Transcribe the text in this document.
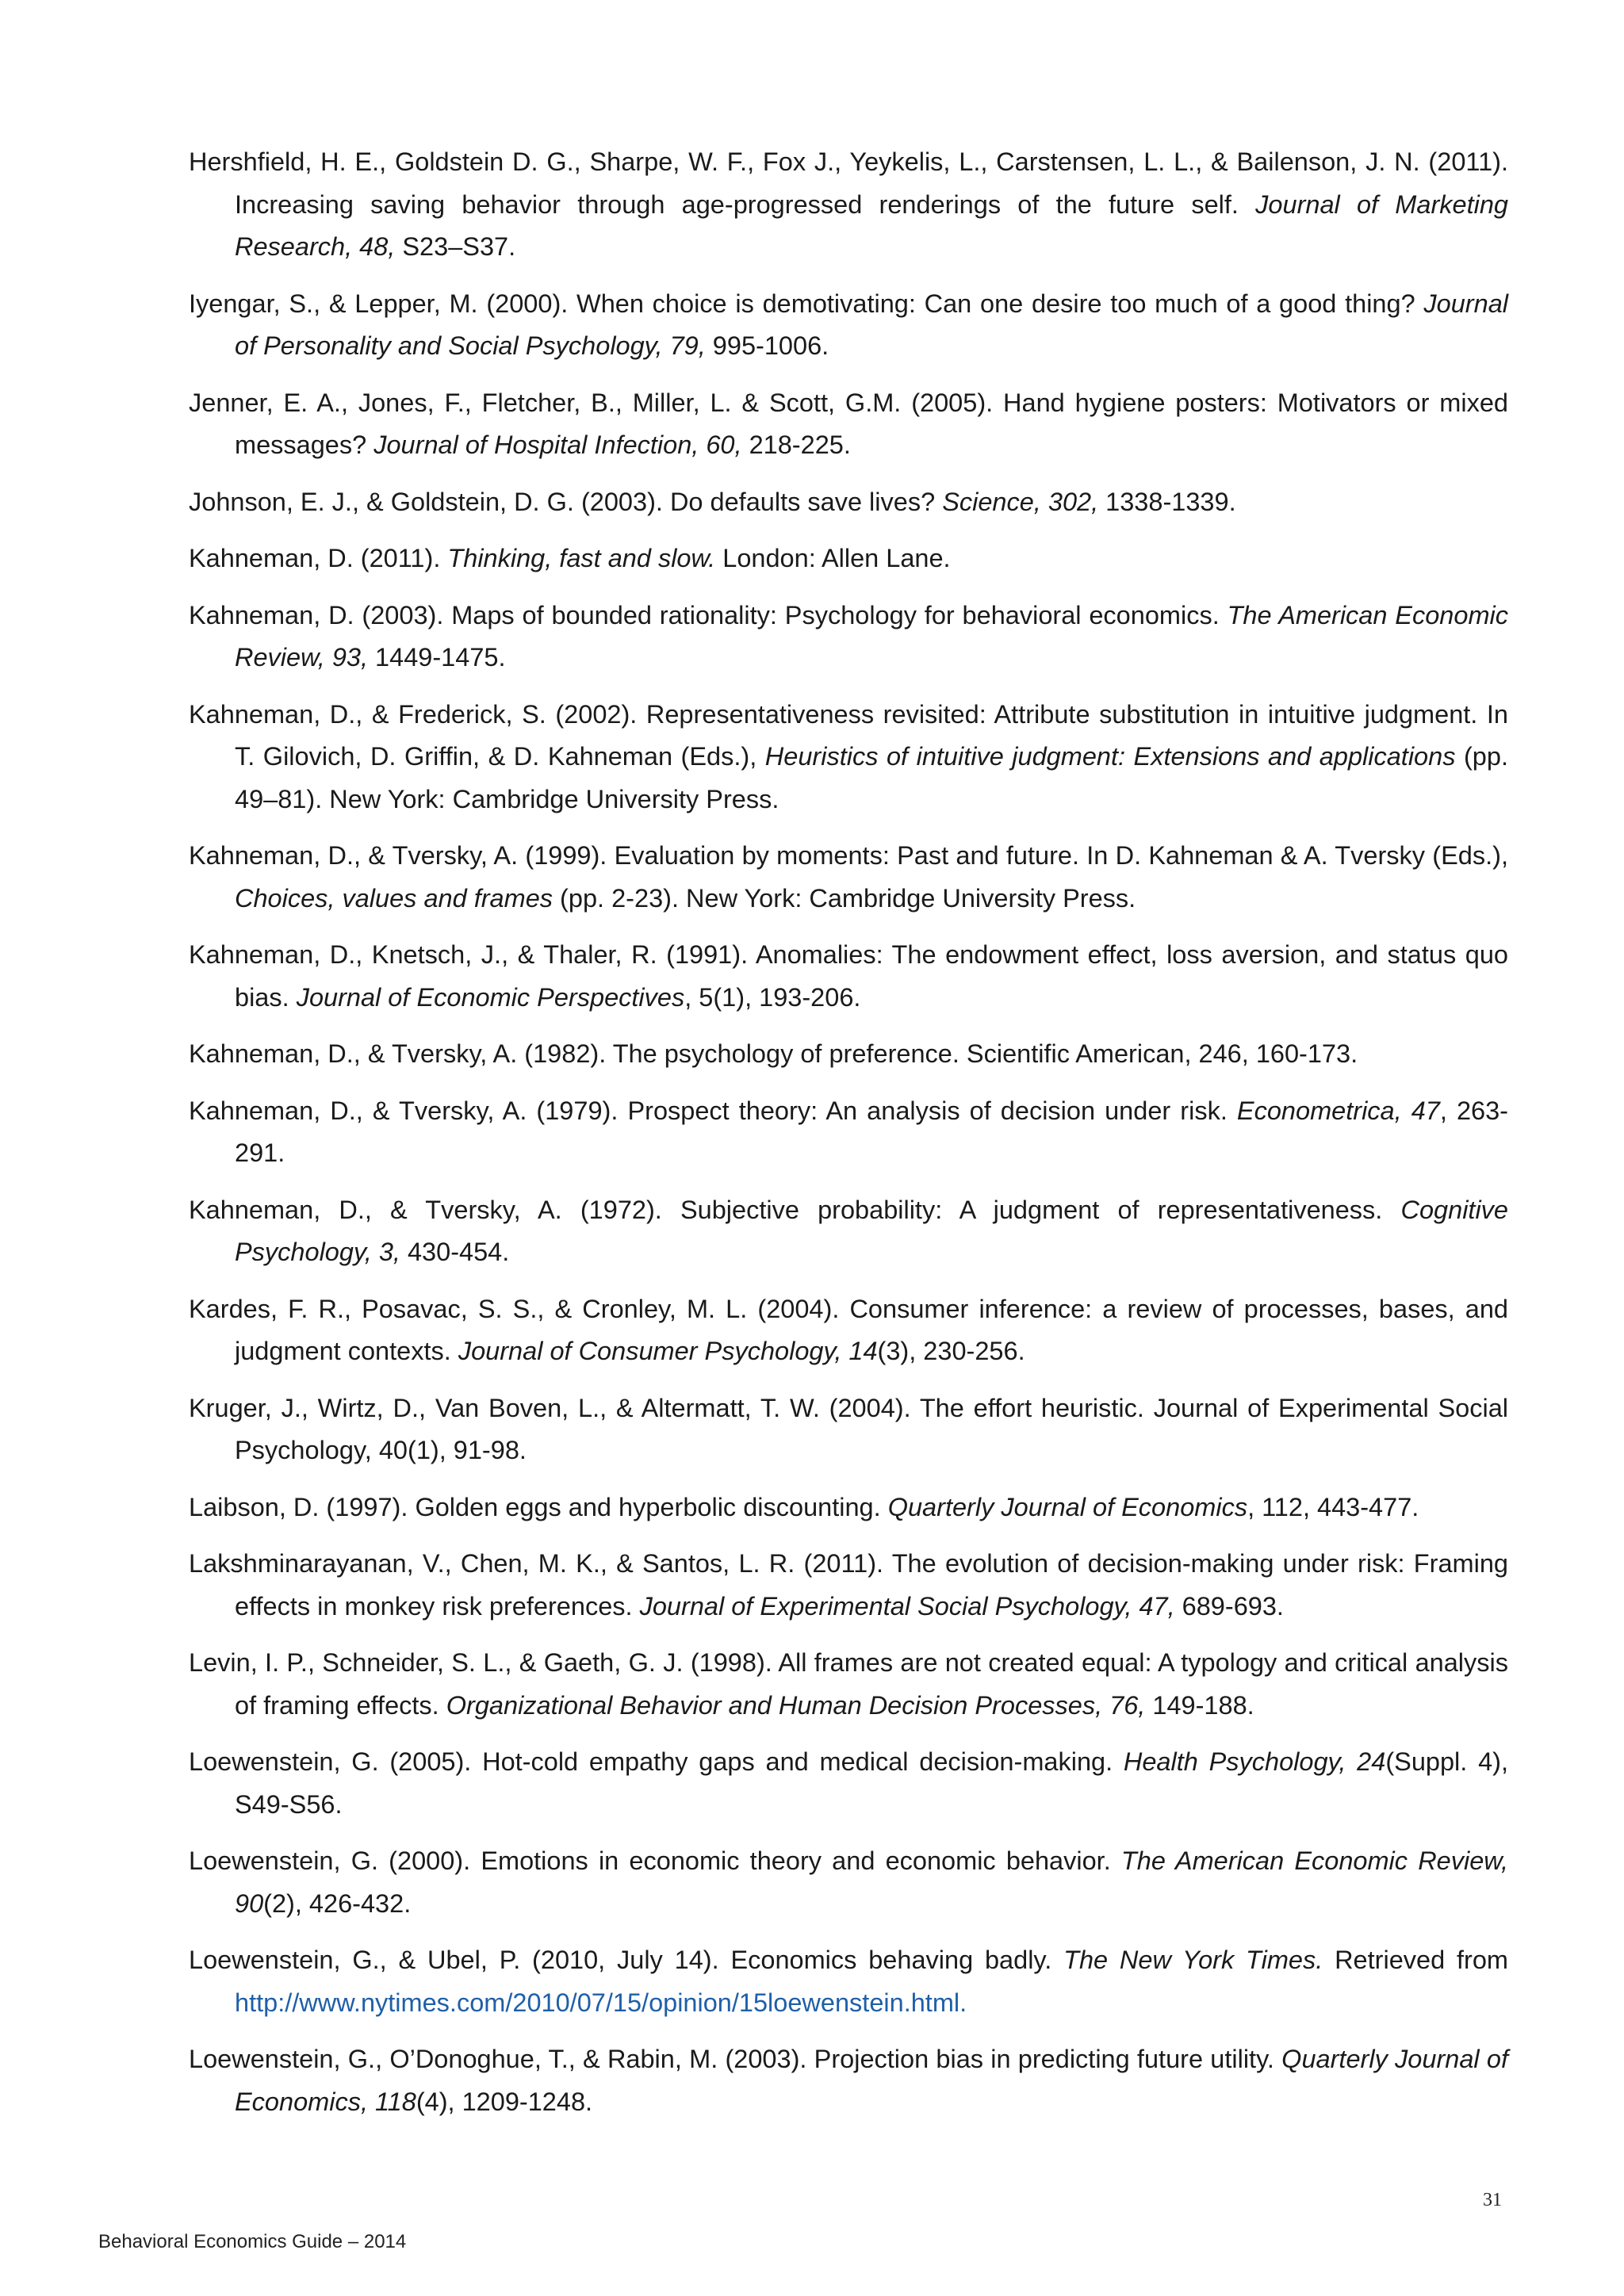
Hershfield, H. E., Goldstein D. G., Sharpe, W. F., Fox J., Yeykelis, L., Carstensen, L. L., & Bailenson, J. N. (2011). Increasing saving behavior through age-progressed renderings of the future self. Journal of Marketing Research, 48, S23–S37.

Iyengar, S., & Lepper, M. (2000). When choice is demotivating: Can one desire too much of a good thing? Journal of Personality and Social Psychology, 79, 995-1006.

Jenner, E. A., Jones, F., Fletcher, B., Miller, L. & Scott, G.M. (2005). Hand hygiene posters: Motivators or mixed messages? Journal of Hospital Infection, 60, 218-225.

Johnson, E. J., & Goldstein, D. G. (2003). Do defaults save lives? Science, 302, 1338-1339.

Kahneman, D. (2011). Thinking, fast and slow. London: Allen Lane.

Kahneman, D. (2003). Maps of bounded rationality: Psychology for behavioral economics. The American Economic Review, 93, 1449-1475.

Kahneman, D., & Frederick, S. (2002). Representativeness revisited: Attribute substitution in intuitive judgment. In T. Gilovich, D. Griffin, & D. Kahneman (Eds.), Heuristics of intuitive judgment: Extensions and applications (pp. 49–81). New York: Cambridge University Press.

Kahneman, D., & Tversky, A. (1999). Evaluation by moments: Past and future. In D. Kahneman & A. Tversky (Eds.), Choices, values and frames (pp. 2-23). New York: Cambridge University Press.

Kahneman, D., Knetsch, J., & Thaler, R. (1991). Anomalies: The endowment effect, loss aversion, and status quo bias. Journal of Economic Perspectives, 5(1), 193-206.

Kahneman, D., & Tversky, A. (1982). The psychology of preference. Scientific American, 246, 160-173.

Kahneman, D., & Tversky, A. (1979). Prospect theory: An analysis of decision under risk. Econometrica, 47, 263-291.

Kahneman, D., & Tversky, A. (1972). Subjective probability: A judgment of representativeness. Cognitive Psychology, 3, 430-454.

Kardes, F. R., Posavac, S. S., & Cronley, M. L. (2004). Consumer inference: a review of processes, bases, and judgment contexts. Journal of Consumer Psychology, 14(3), 230-256.

Kruger, J., Wirtz, D., Van Boven, L., & Altermatt, T. W. (2004). The effort heuristic. Journal of Experimental Social Psychology, 40(1), 91-98.

Laibson, D. (1997). Golden eggs and hyperbolic discounting. Quarterly Journal of Economics, 112, 443-477.

Lakshminarayanan, V., Chen, M. K., & Santos, L. R. (2011). The evolution of decision-making under risk: Framing effects in monkey risk preferences. Journal of Experimental Social Psychology, 47, 689-693.

Levin, I. P., Schneider, S. L., & Gaeth, G. J. (1998). All frames are not created equal: A typology and critical analysis of framing effects. Organizational Behavior and Human Decision Processes, 76, 149-188.

Loewenstein, G. (2005). Hot-cold empathy gaps and medical decision-making. Health Psychology, 24(Suppl. 4), S49-S56.

Loewenstein, G. (2000). Emotions in economic theory and economic behavior. The American Economic Review, 90(2), 426-432.

Loewenstein, G., & Ubel, P. (2010, July 14). Economics behaving badly. The New York Times. Retrieved from http://www.nytimes.com/2010/07/15/opinion/15loewenstein.html.

Loewenstein, G., O’Donoghue, T., & Rabin, M. (2003). Projection bias in predicting future utility. Quarterly Journal of Economics, 118(4), 1209-1248.

31
Behavioral Economics Guide – 2014
